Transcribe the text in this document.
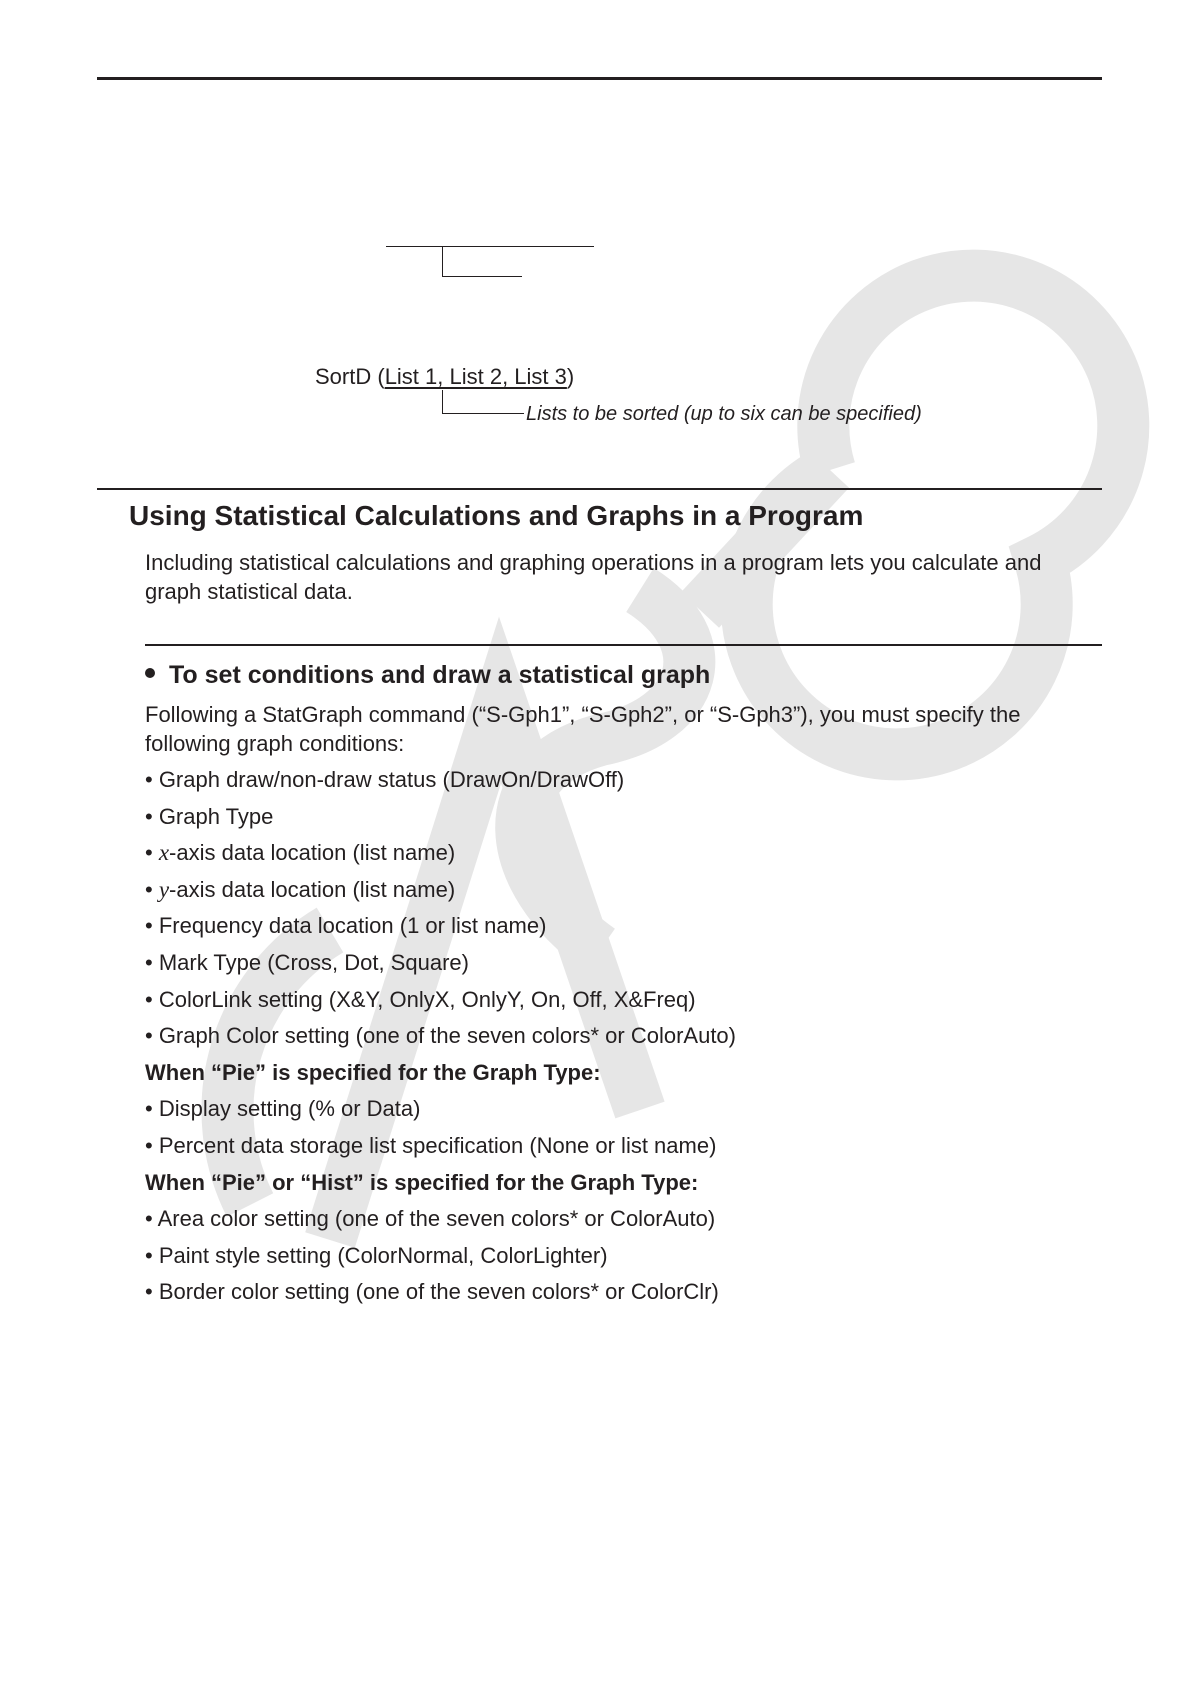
SortD (List 1, List 2, List 3)
Lists to be sorted (up to six can be specified)
Using Statistical Calculations and Graphs in a Program
Including statistical calculations and graphing operations in a program lets you calculate and graph statistical data.
To set conditions and draw a statistical graph
Following a StatGraph command (“S-Gph1”, “S-Gph2”, or “S-Gph3”), you must specify the following graph conditions:
• Graph draw/non-draw status (DrawOn/DrawOff)
• Graph Type
• x-axis data location (list name)
• y-axis data location (list name)
• Frequency data location (1 or list name)
• Mark Type (Cross, Dot, Square)
• ColorLink setting (X&Y, OnlyX, OnlyY, On, Off, X&Freq)
• Graph Color setting (one of the seven colors* or ColorAuto)
When “Pie” is specified for the Graph Type:
• Display setting (% or Data)
• Percent data storage list specification (None or list name)
When “Pie” or “Hist” is specified for the Graph Type:
• Area color setting (one of the seven colors* or ColorAuto)
• Paint style setting (ColorNormal, ColorLighter)
• Border color setting (one of the seven colors* or ColorClr)
